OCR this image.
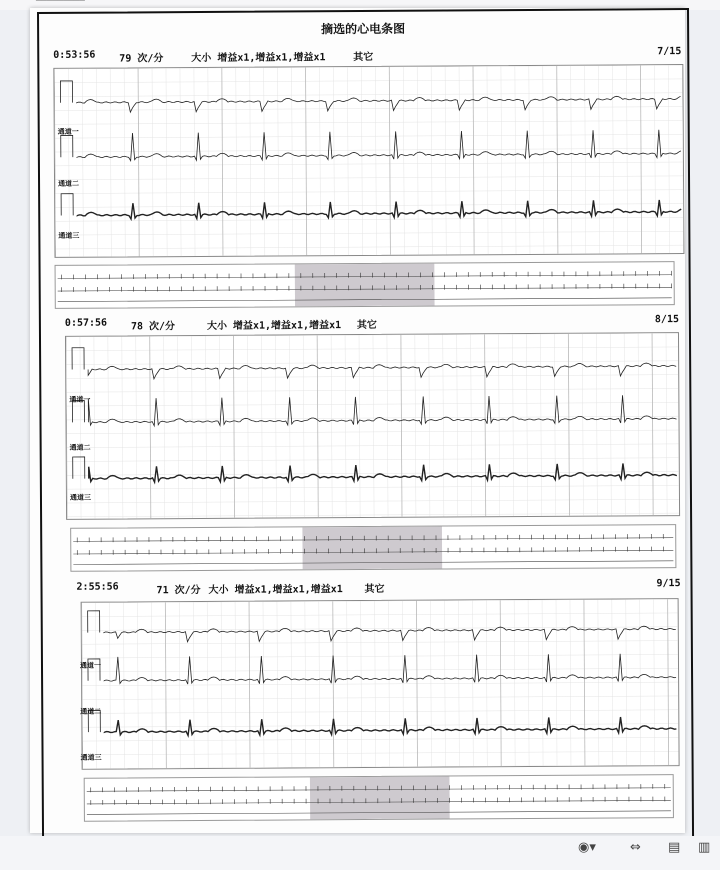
━━━━━━━━━
摘选的心电条图
0:53:56 79 次/分	大小 增益x1,增益x1,增益x1	其它
7/15
通道一
通道二
通道三
0:57:56 78 次/分	大小 增益x1,增益x1,增益x1 其它
8/15
通道一
通道二
通道三
2:55:56	71 次/分 大小 增益x1,增益x1,增益x1 其它
9/15
通道一
通道二
通道三
◉▾	⇔ ▤ ▥
